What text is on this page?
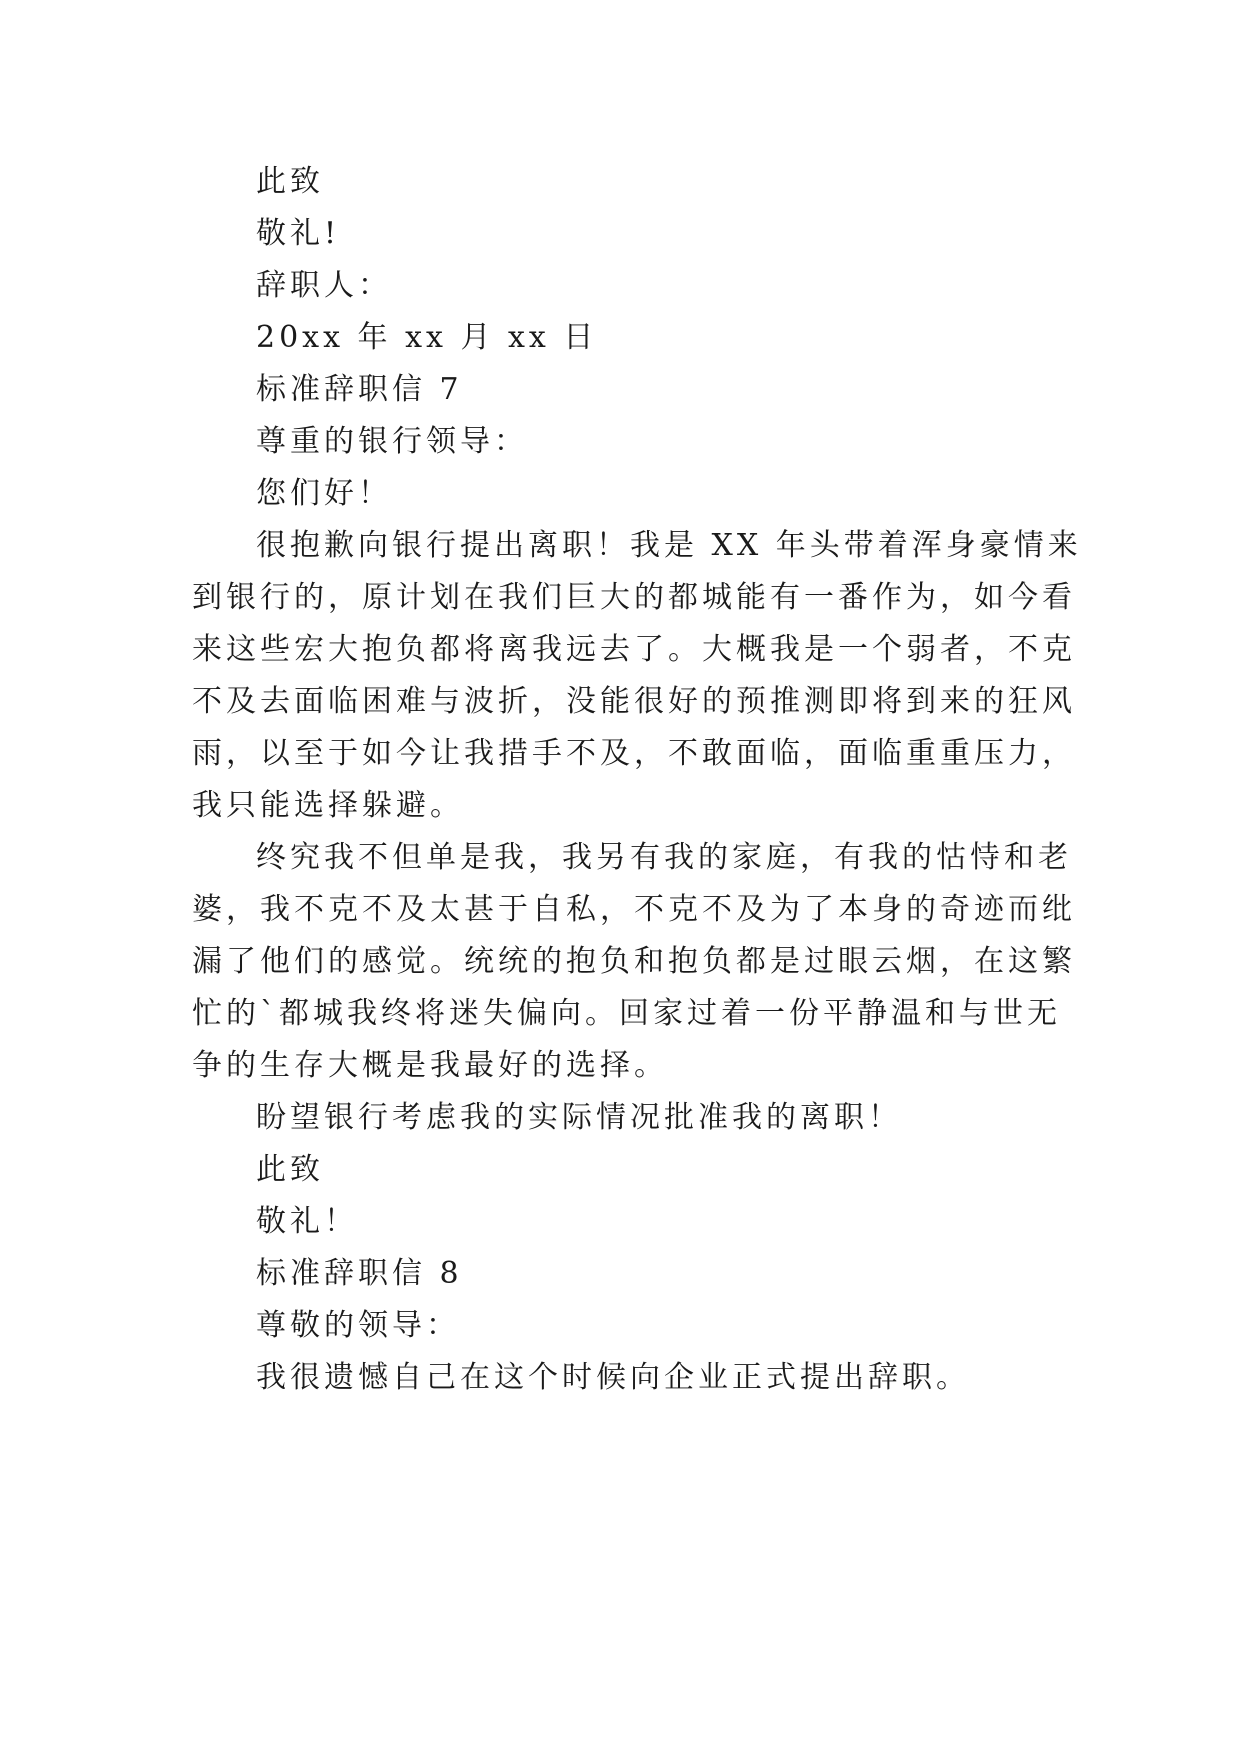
此致
敬礼!
辞职人：
20xx 年 xx 月 xx 日
标准辞职信 7
尊重的银行领导：
您们好！
很抱歉向银行提出离职！我是 XX 年头带着浑身豪情来
到银行的，原计划在我们巨大的都城能有一番作为，如今看
来这些宏大抱负都将离我远去了。大概我是一个弱者，不克
不及去面临困难与波折，没能很好的预推测即将到来的狂风
雨，以至于如今让我措手不及，不敢面临，面临重重压力，
我只能选择躲避。
终究我不但单是我，我另有我的家庭，有我的怙恃和老
婆，我不克不及太甚于自私，不克不及为了本身的奇迹而纰
漏了他们的感觉。统统的抱负和抱负都是过眼云烟，在这繁
忙的`都城我终将迷失偏向。回家过着一份平静温和与世无
争的生存大概是我最好的选择。
盼望银行考虑我的实际情况批准我的离职！
此致
敬礼！
标准辞职信 8
尊敬的领导：
我很遗憾自己在这个时候向企业正式提出辞职。
